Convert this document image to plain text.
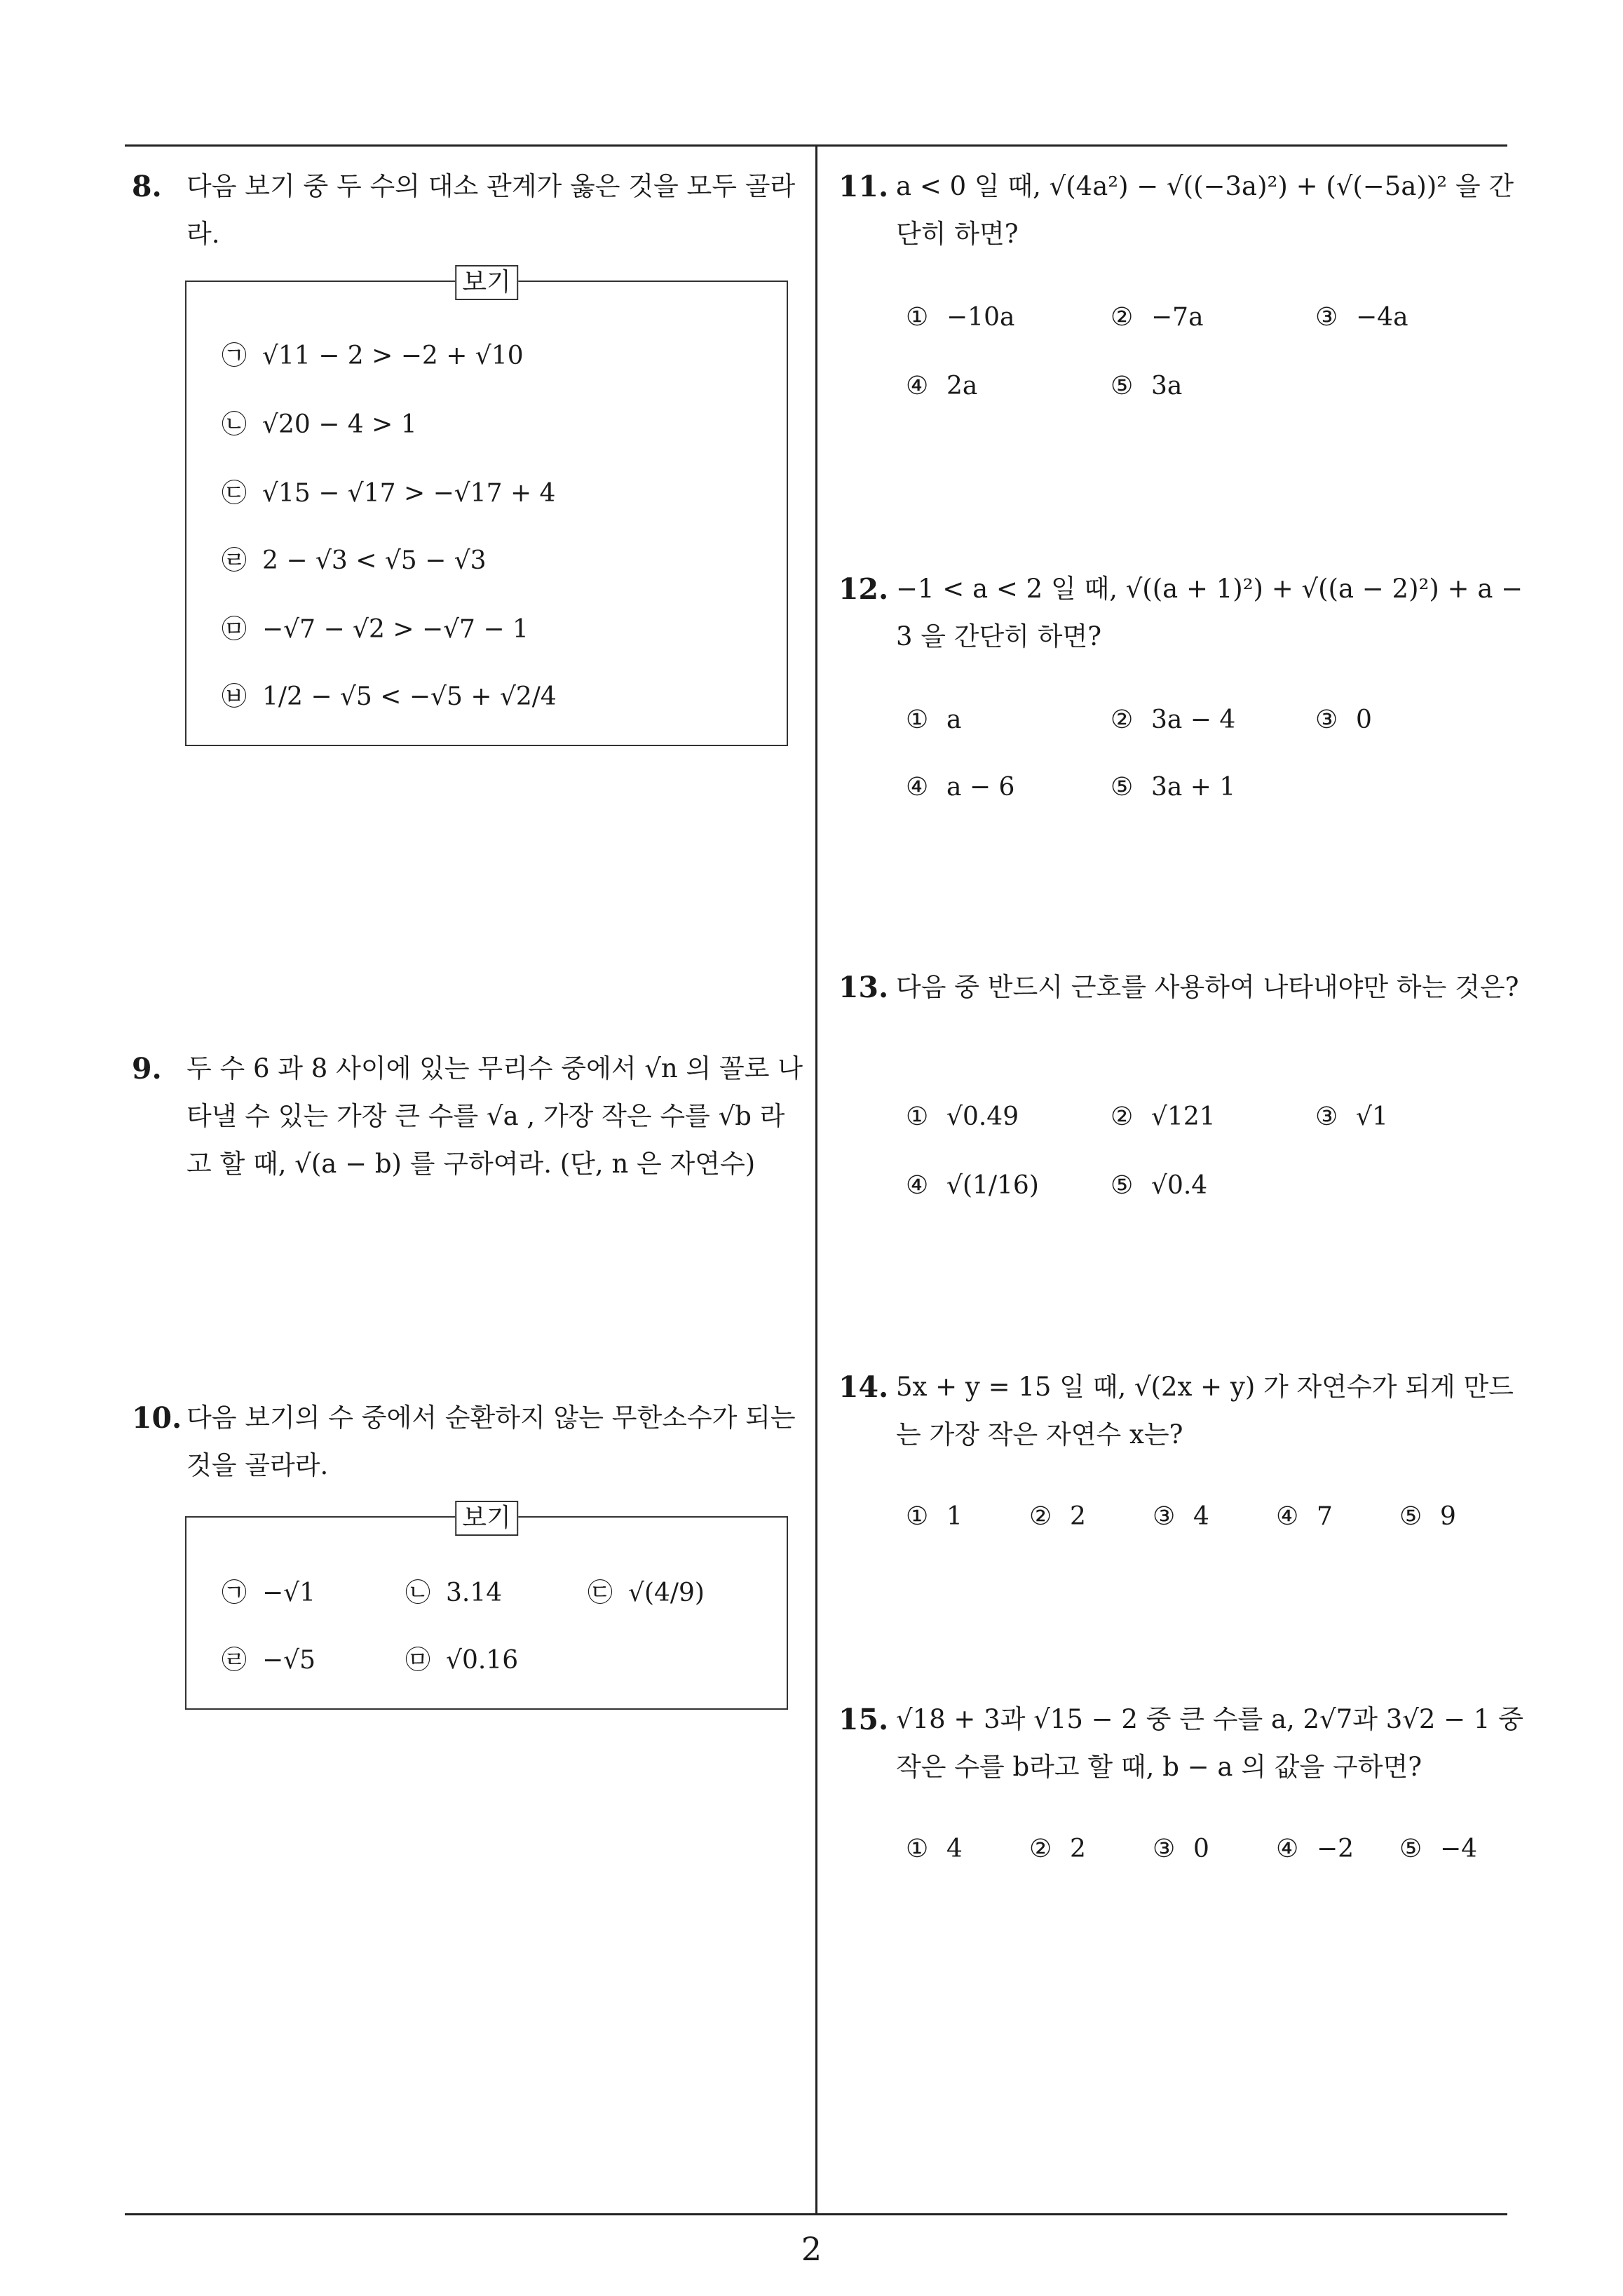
8. 다음 보기 중 두 수의 대소 관계가 옳은 것을 모두 골라라.
보기
㉠ √11 − 2 > −2 + √10
㉡ √20 − 4 > 1
㉢ √15 − √17 > −√17 + 4
㉣ 2 − √3 < √5 − √3
㉤ −√7 − √2 > −√7 − 1
㉥ 1/2 − √5 < −√5 + √2/4
9. 두 수 6 과 8 사이에 있는 무리수 중에서 √n 의 꼴로 나타낼 수 있는 가장 큰 수를 √a , 가장 작은 수를 √b 라고 할 때, √(a − b) 를 구하여라. (단, n 은 자연수)
10. 다음 보기의 수 중에서 순환하지 않는 무한소수가 되는 것을 골라라.
보기
㉠ −√1	㉡ 3.14	㉢ √(4/9)
㉣ −√5	㉤ √0.16
11. a < 0 일 때, √(4a²) − √((−3a)²) + (√(−5a))² 을 간단히 하면?
① −10a	② −7a	③ −4a
④ 2a	⑤ 3a
12. −1 < a < 2 일 때, √((a + 1)²) + √((a − 2)²) + a − 3 을 간단히 하면?
① a	② 3a − 4	③ 0
④ a − 6	⑤ 3a + 1
13. 다음 중 반드시 근호를 사용하여 나타내야만 하는 것은?
① √0.49	② √121	③ √1
④ √(1/16)	⑤ √0.4
14. 5x + y = 15 일 때, √(2x + y) 가 자연수가 되게 만드는 가장 작은 자연수 x는?
① 1	② 2	③ 4	④ 7	⑤ 9
15. √18 + 3과 √15 − 2 중 큰 수를 a, 2√7과 3√2 − 1 중 작은 수를 b라고 할 때, b − a 의 값을 구하면?
① 4	② 2	③ 0	④ −2 ⑤ −4
2
